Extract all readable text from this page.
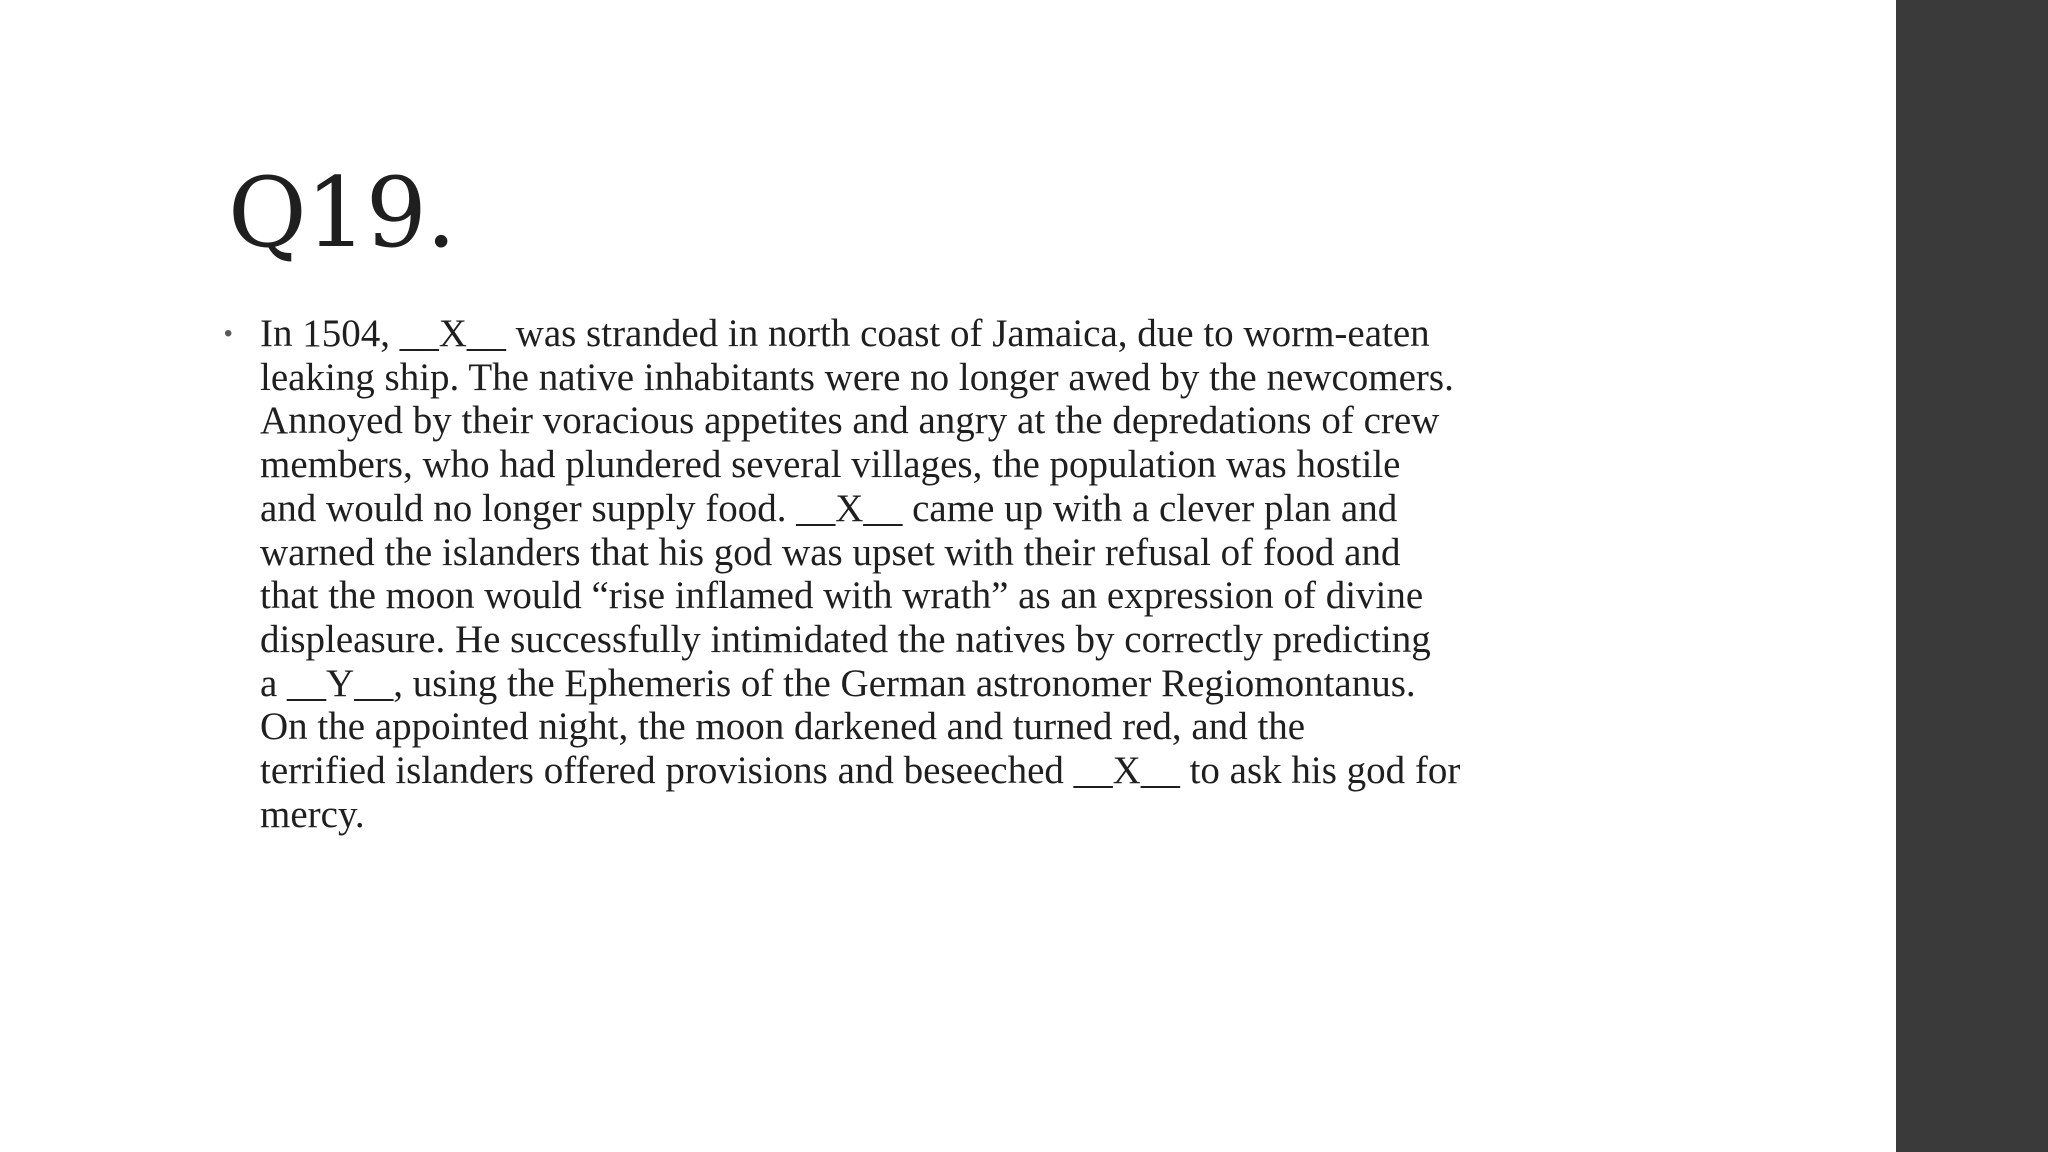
Q19.
• In 1504, __X__ was stranded in north coast of Jamaica, due to worm-eaten
leaking ship. The native inhabitants were no longer awed by the newcomers.
Annoyed by their voracious appetites and angry at the depredations of crew
members, who had plundered several villages, the population was hostile
and would no longer supply food. __X__ came up with a clever plan and
warned the islanders that his god was upset with their refusal of food and
that the moon would “rise inflamed with wrath” as an expression of divine
displeasure. He successfully intimidated the natives by correctly predicting
a __Y__, using the Ephemeris of the German astronomer Regiomontanus.
On the appointed night, the moon darkened and turned red, and the
terrified islanders offered provisions and beseeched __X__ to ask his god for
mercy.
